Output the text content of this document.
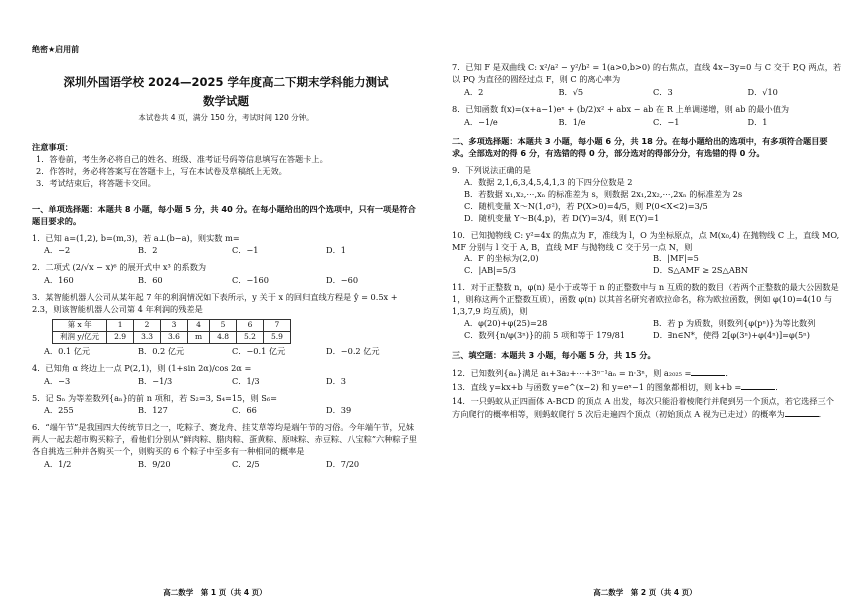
绝密★启用前
深圳外国语学校 2024—2025 学年度高二下期末学科能力测试
数学试题
本试卷共 4 页，满分 150 分，考试时间 120 分钟。
注意事项：
1．答卷前，考生务必将自己的姓名、班级、准考证号码等信息填写在答题卡上。
2．作答时，务必将答案写在答题卡上，写在本试卷及草稿纸上无效。
3．考试结束后，将答题卡交回。
一、单项选择题：本题共 8 小题，每小题 5 分，共 40 分。在每小题给出的四个选项中，只有一项是符合题目要求的。
1．已知 a=(1,2), b=(m,3)，若 a⊥(b−a)，则实数 m=
A．−2	B．2	C．−1	D．1
2．二项式 (2/√x − x)⁶ 的展开式中 x³ 的系数为
A．160	B．60	C．−160	D．−60
3．某智能机器人公司从某年起 7 年的利润情况如下表所示，y 关于 x 的回归直线方程是 ŷ = 0.5x + 2.3，则该智能机器人公司第 4 年利润的残差是
第 x 年	1	2	3	4	5	6	7
利润 y/亿元	2.9	3.3	3.6	m	4.8	5.2	5.9
A．0.1 亿元	B．0.2 亿元	C．−0.1 亿元	D．−0.2 亿元
4．已知角 α 终边上一点 P(2,1)，则 (1+sin 2α)/cos 2α =
A．−3	B．−1/3	C．1/3	D．3
5．记 Sₙ 为等差数列{aₙ}的前 n 项和，若 S₂=3, S₄=15，则 S₆=
A．255	B．127	C．66	D．39
6．“端午节”是我国四大传统节日之一，吃粽子、赛龙舟、挂艾草等均是端午节的习俗。今年端午节，兄妹两人一起去超市购买粽子，看他们分别从“鲜肉粽、腊肉粽、蛋黄粽、原味粽、赤豆粽、八宝粽”六种粽子里各自挑选三种并各购买一个，则购买的 6 个粽子中至多有一种相同的概率是
A．1/2	B．9/20	C．2/5	D．7/20
高二数学　第 1 页（共 4 页）
7．已知 F 是双曲线 C: x²/a² − y²/b² = 1(a>0,b>0) 的右焦点，直线 4x−3y=0 与 C 交于 P,Q 两点，若以 PQ 为直径的圆经过点 F，则 C 的离心率为
A．2	B．√5	C．3	D．√10
8．已知函数 f(x)=(x+a−1)eˣ + (b/2)x² + abx − ab 在 R 上单调递增，则 ab 的最小值为
A．−1/e	B．1/e	C．−1	D．1
二、多项选择题：本题共 3 小题，每小题 6 分，共 18 分。在每小题给出的选项中，有多项符合题目要求。全部选对的得 6 分，有选错的得 0 分，部分选对的得部分分，有选错的得 0 分。
9．下列说法正确的是
A．数据 2,1,6,3,4,5,4,1,3 的下四分位数是 2
B．若数据 x₁,x₂,⋯,xₙ 的标准差为 s，则数据 2x₁,2x₂,⋯,2xₙ 的标准差为 2s
C．随机变量 X～N(1,σ²)，若 P(X>0)=4/5，则 P(0<X<2)=3/5
D．随机变量 Y～B(4,p)，若 D(Y)=3/4，则 E(Y)=1
10．已知抛物线 C: y²=4x 的焦点为 F，准线为 l，O 为坐标原点，点 M(x₀,4) 在抛物线 C 上，直线 MO, MF 分别与 l 交于 A, B，直线 MF 与抛物线 C 交于另一点 N，则
A．F 的坐标为(2,0)	B．|MF|=5
C．|AB|=5/3	D．S△AMF ≥ 2S△ABN
11．对于正整数 n，φ(n) 是小于或等于 n 的正整数中与 n 互质的数的数目（若两个正整数的最大公因数是 1，则称这两个正整数互质），函数 φ(n) 以其首名研究者欧拉命名，称为欧拉函数，例如 φ(10)=4(10 与 1,3,7,9 均互质)，则
A．φ(20)+φ(25)=28	B．若 p 为质数，则数列{φ(pⁿ)}为等比数列
C．数列{n/φ(3ⁿ)}的前 5 项和等于 179/81	D．∃n∈N*，使得 2[φ(3ⁿ)+φ(4ⁿ)]=φ(5ⁿ)
三、填空题：本题共 3 小题，每小题 5 分，共 15 分。
12．已知数列{aₙ}满足 a₁+3a₂+⋯+3ⁿ⁻¹aₙ = n·3ⁿ，则 a₂₀₂₅ =	．
13．直线 y=kx+b 与函数 y=e^(x−2) 和 y=eˣ−1 的图象都相切，则 k+b =	．
14．一只蚂蚁从正四面体 A-BCD 的顶点 A 出发，每次只能沿着棱爬行并爬到另一个顶点，若它选择三个方向爬行的概率相等，则蚂蚁爬行 5 次后走遍四个顶点（初始顶点 A 视为已走过）的概率为	．
高二数学　第 2 页（共 4 页）
